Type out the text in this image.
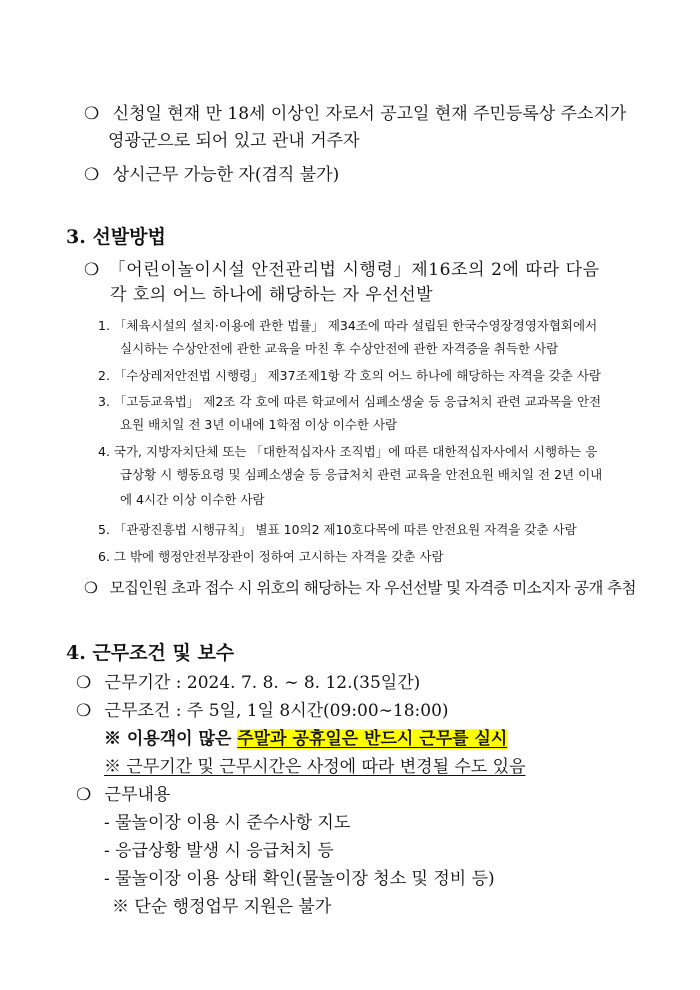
❍ 신청일 현재 만 18세 이상인 자로서 공고일 현재 주민등록상 주소지가
영광군으로 되어 있고 관내 거주자
❍ 상시근무 가능한 자(겸직 불가)
3. 선발방법
❍ 「어린이놀이시설 안전관리법 시행령」제16조의 2에 따라 다음
각 호의 어느 하나에 해당하는 자 우선선발
1. 「체육시설의 설치·이용에 관한 법률」 제34조에 따라 설립된 한국수영장경영자협회에서
실시하는 수상안전에 관한 교육을 마친 후 수상안전에 관한 자격증을 취득한 사람
2. 「수상레저안전법 시행령」 제37조제1항 각 호의 어느 하나에 해당하는 자격을 갖춘 사람
3. 「고등교육법」 제2조 각 호에 따른 학교에서 심폐소생술 등 응급처치 관련 교과목을 안전
요원 배치일 전 3년 이내에 1학점 이상 이수한 사람
4. 국가, 지방자치단체 또는 「대한적십자사 조직법」에 따른 대한적십자사에서 시행하는 응
급상황 시 행동요령 및 심폐소생술 등 응급처치 관련 교육을 안전요원 배치일 전 2년 이내
에 4시간 이상 이수한 사람
5. 「관광진흥법 시행규칙」 별표 10의2 제10호다목에 따른 안전요원 자격을 갖춘 사람
6. 그 밖에 행정안전부장관이 정하여 고시하는 자격을 갖춘 사람
❍ 모집인원 초과 접수 시 위호의 해당하는 자 우선선발 및 자격증 미소지자 공개 추첨
4. 근무조건 및 보수
❍ 근무기간 : 2024. 7. 8. ∼ 8. 12.(35일간)
❍ 근무조건 : 주 5일, 1일 8시간(09:00∼18:00)
※ 이용객이 많은 주말과 공휴일은 반드시 근무를 실시
※ 근무기간 및 근무시간은 사정에 따라 변경될 수도 있음
❍ 근무내용
- 물놀이장 이용 시 준수사항 지도
- 응급상황 발생 시 응급처치 등
- 물놀이장 이용 상태 확인(물놀이장 청소 및 정비 등)
※ 단순 행정업무 지원은 불가
